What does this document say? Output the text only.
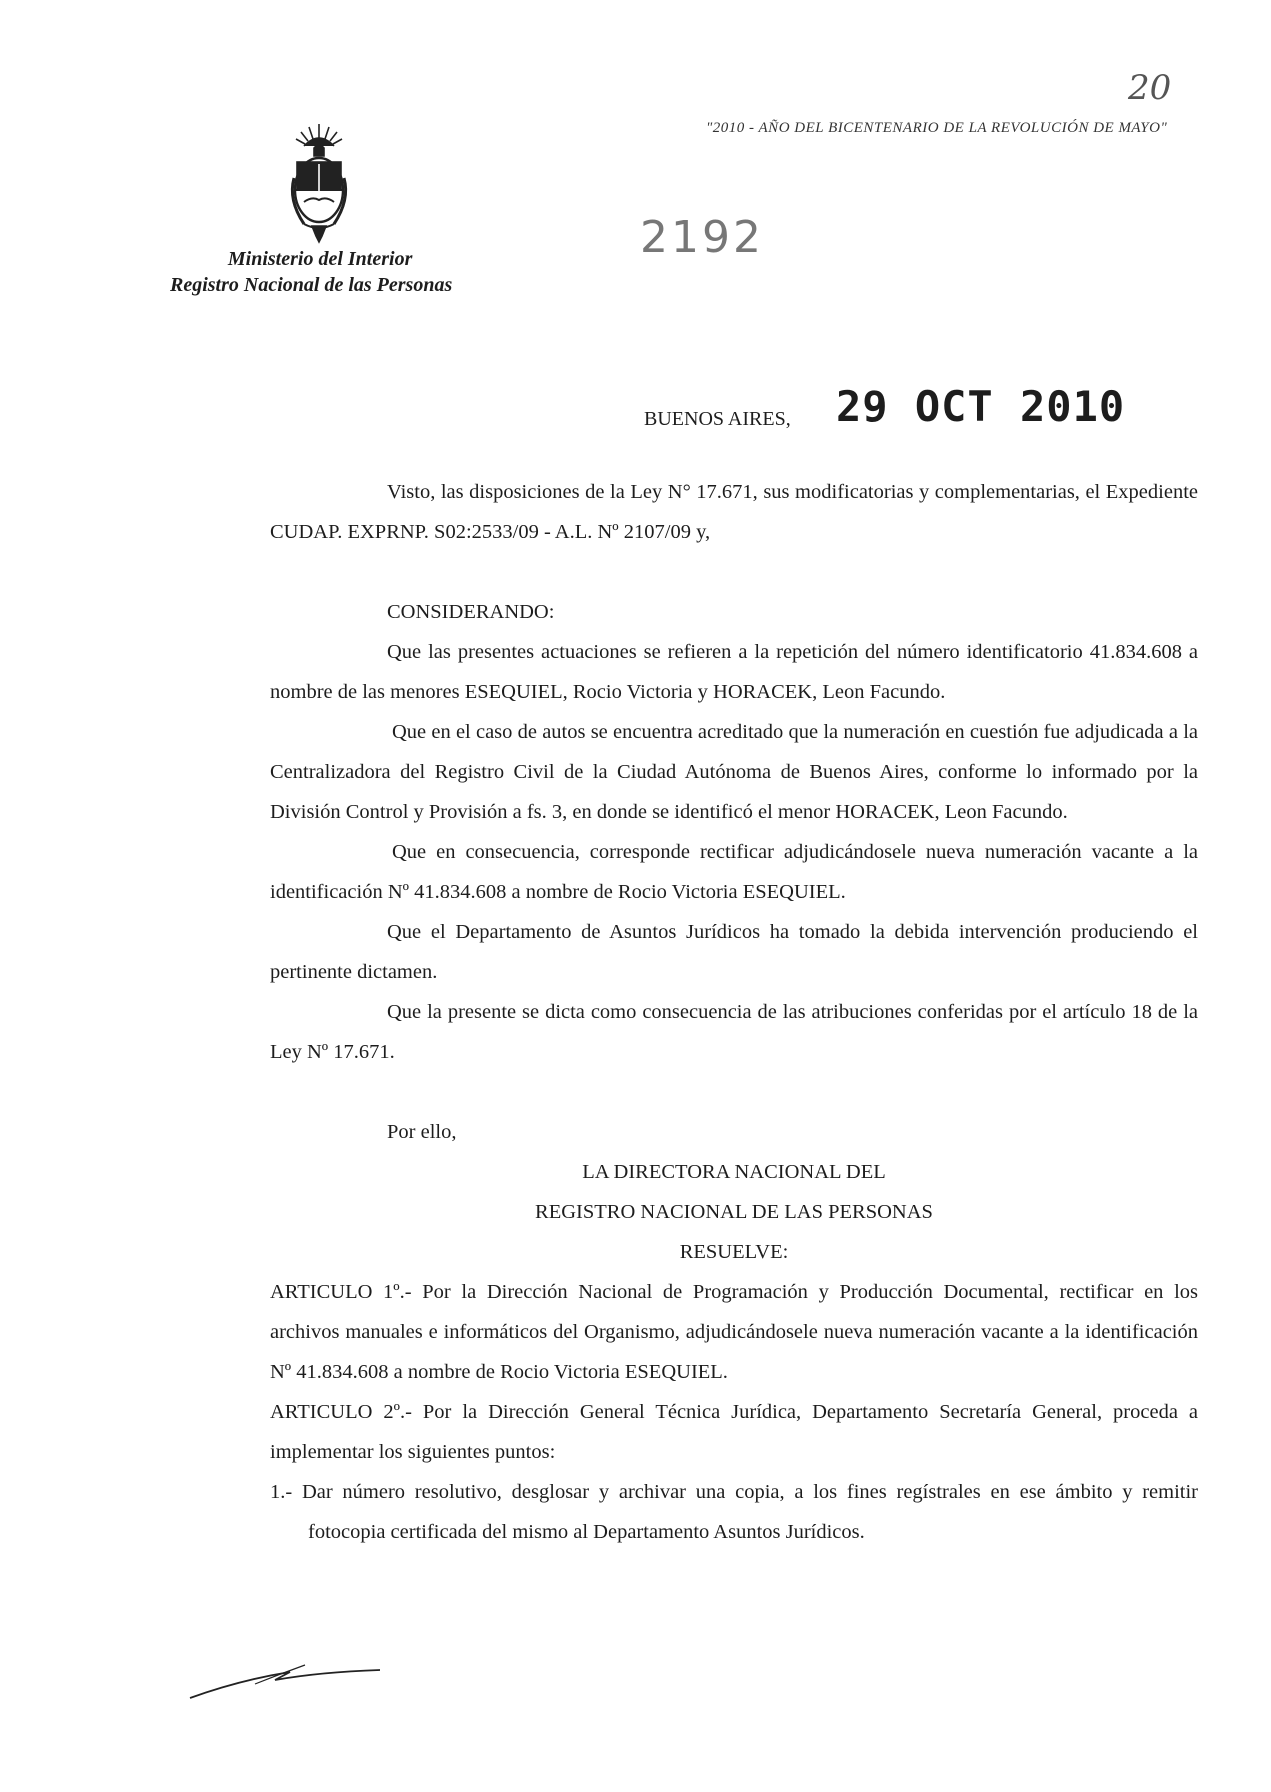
20
"2010 - AÑO DEL BICENTENARIO DE LA REVOLUCIÓN DE MAYO"
Ministerio del Interior
Registro Nacional de las Personas
2192
BUENOS AIRES, 29 OCT 2010

Visto, las disposiciones de la Ley N° 17.671, sus modificatorias y complementarias, el Expediente CUDAP. EXPRNP. S02:2533/09 - A.L. Nº 2107/09 y,

CONSIDERANDO:

Que las presentes actuaciones se refieren a la repetición del número identificatorio 41.834.608 a nombre de las menores ESEQUIEL, Rocio Victoria y HORACEK, Leon Facundo.

Que en el caso de autos se encuentra acreditado que la numeración en cuestión fue adjudicada a la Centralizadora del Registro Civil de la Ciudad Autónoma de Buenos Aires, conforme lo informado por la División Control y Provisión a fs. 3, en donde se identificó el menor HORACEK, Leon Facundo.

Que en consecuencia, corresponde rectificar adjudicándosele nueva numeración vacante a la identificación Nº 41.834.608 a nombre de Rocio Victoria ESEQUIEL.

Que el Departamento de Asuntos Jurídicos ha tomado la debida intervención produciendo el pertinente dictamen.

Que la presente se dicta como consecuencia de las atribuciones conferidas por el artículo 18 de la Ley Nº 17.671.

Por ello,

LA DIRECTORA NACIONAL DEL

REGISTRO NACIONAL DE LAS PERSONAS

RESUELVE:

ARTICULO 1º.- Por la Dirección Nacional de Programación y Producción Documental, rectificar en los archivos manuales e informáticos del Organismo, adjudicándosele nueva numeración vacante a la identificación Nº 41.834.608 a nombre de Rocio Victoria ESEQUIEL.

ARTICULO 2º.- Por la Dirección General Técnica Jurídica, Departamento Secretaría General, proceda a implementar los siguientes puntos:

1.- Dar número resolutivo, desglosar y archivar una copia, a los fines regístrales en ese ámbito y remitir fotocopia certificada del mismo al Departamento Asuntos Jurídicos.
